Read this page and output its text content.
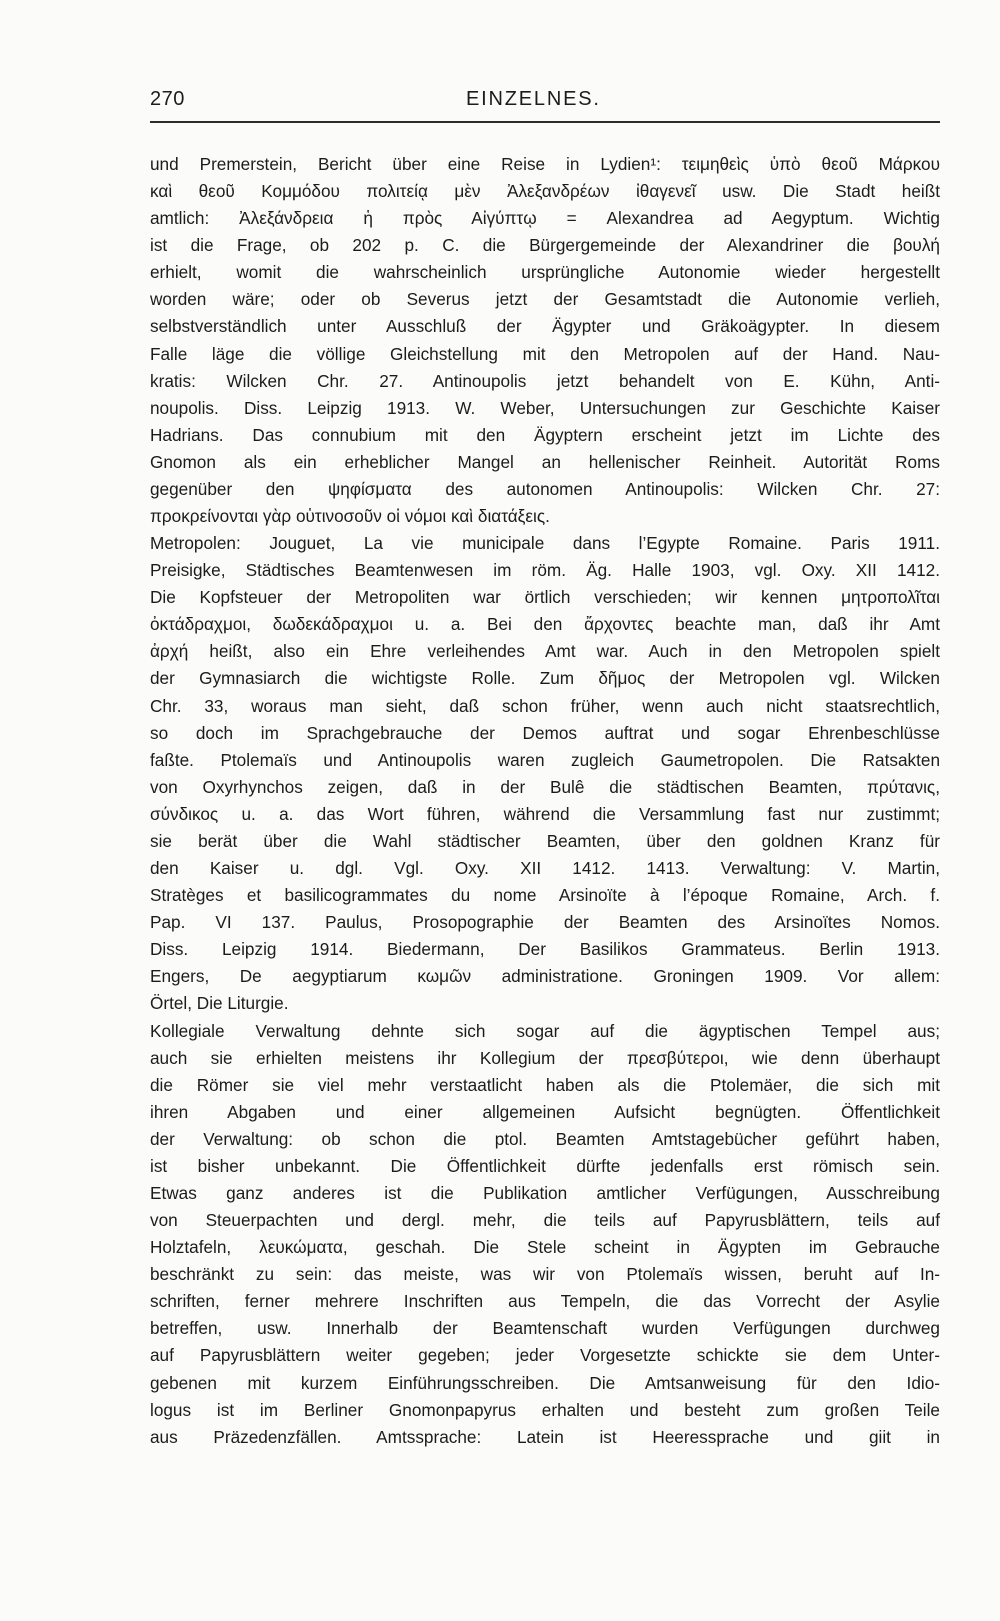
270	EINZELNES.
und Premerstein, Bericht über eine Reise in Lydien¹: τειμηθεὶς ὑπὸ θεοῦ Μάρκου
καὶ θεοῦ Κομμόδου πολιτείᾳ μὲν Ἀλεξανδρέων ἰθαγενεῖ usw. Die Stadt heißt
amtlich: Ἀλεξάνδρεια ἡ πρὸς Αἰγύπτῳ = Alexandrea ad Aegyptum. Wichtig
ist die Frage, ob 202 p. C. die Bürgergemeinde der Alexandriner die βουλή
erhielt, womit die wahrscheinlich ursprüngliche Autonomie wieder hergestellt
worden wäre; oder ob Severus jetzt der Gesamtstadt die Autonomie verlieh,
selbstverständlich unter Ausschluß der Ägypter und Gräkoägypter. In diesem
Falle läge die völlige Gleichstellung mit den Metropolen auf der Hand. Nau-
kratis: Wilcken Chr. 27. Antinoupolis jetzt behandelt von E. Kühn, Anti-
noupolis. Diss. Leipzig 1913. W. Weber, Untersuchungen zur Geschichte Kaiser
Hadrians. Das connubium mit den Ägyptern erscheint jetzt im Lichte des
Gnomon als ein erheblicher Mangel an hellenischer Reinheit. Autorität Roms
gegenüber den ψηφίσματα des autonomen Antinoupolis: Wilcken Chr. 27:
προκρείνονται γὰρ οὑτινοσοῦν οἱ νόμοι καὶ διατάξεις.
Metropolen: Jouguet, La vie municipale dans l’Egypte Romaine. Paris 1911.
Preisigke, Städtisches Beamtenwesen im röm. Äg. Halle 1903, vgl. Oxy. XII 1412.
Die Kopfsteuer der Metropoliten war örtlich verschieden; wir kennen μητροπολῖται
ὀκτάδραχμοι, δωδεκάδραχμοι u. a. Bei den ἄρχοντες beachte man, daß ihr Amt
ἀρχή heißt, also ein Ehre verleihendes Amt war. Auch in den Metropolen spielt
der Gymnasiarch die wichtigste Rolle. Zum δῆμος der Metropolen vgl. Wilcken
Chr. 33, woraus man sieht, daß schon früher, wenn auch nicht staatsrechtlich,
so doch im Sprachgebrauche der Demos auftrat und sogar Ehrenbeschlüsse
faßte. Ptolemaïs und Antinoupolis waren zugleich Gaumetropolen. Die Ratsakten
von Oxyrhynchos zeigen, daß in der Bulê die städtischen Beamten, πρύτανις,
σύνδικος u. a. das Wort führen, während die Versammlung fast nur zustimmt;
sie berät über die Wahl städtischer Beamten, über den goldnen Kranz für
den Kaiser u. dgl. Vgl. Oxy. XII 1412. 1413. Verwaltung: V. Martin,
Stratèges et basilicogrammates du nome Arsinoïte à l’époque Romaine, Arch. f.
Pap. VI 137. Paulus, Prosopographie der Beamten des Arsinoïtes Nomos.
Diss. Leipzig 1914. Biedermann, Der Basilikos Grammateus. Berlin 1913.
Engers, De aegyptiarum κωμῶν administratione. Groningen 1909. Vor allem:
Örtel, Die Liturgie.
Kollegiale Verwaltung dehnte sich sogar auf die ägyptischen Tempel aus;
auch sie erhielten meistens ihr Kollegium der πρεσβύτεροι, wie denn überhaupt
die Römer sie viel mehr verstaatlicht haben als die Ptolemäer, die sich mit
ihren Abgaben und einer allgemeinen Aufsicht begnügten. Öffentlichkeit
der Verwaltung: ob schon die ptol. Beamten Amtstagebücher geführt haben,
ist bisher unbekannt. Die Öffentlichkeit dürfte jedenfalls erst römisch sein.
Etwas ganz anderes ist die Publikation amtlicher Verfügungen, Ausschreibung
von Steuerpachten und dergl. mehr, die teils auf Papyrusblättern, teils auf
Holztafeln, λευκώματα, geschah. Die Stele scheint in Ägypten im Gebrauche
beschränkt zu sein: das meiste, was wir von Ptolemaïs wissen, beruht auf In-
schriften, ferner mehrere Inschriften aus Tempeln, die das Vorrecht der Asylie
betreffen, usw. Innerhalb der Beamtenschaft wurden Verfügungen durchweg
auf Papyrusblättern weiter gegeben; jeder Vorgesetzte schickte sie dem Unter-
gebenen mit kurzem Einführungsschreiben. Die Amtsanweisung für den Idio-
logus ist im Berliner Gnomonpapyrus erhalten und besteht zum großen Teile
aus Präzedenzfällen. Amtssprache: Latein ist Heeressprache und giit in
